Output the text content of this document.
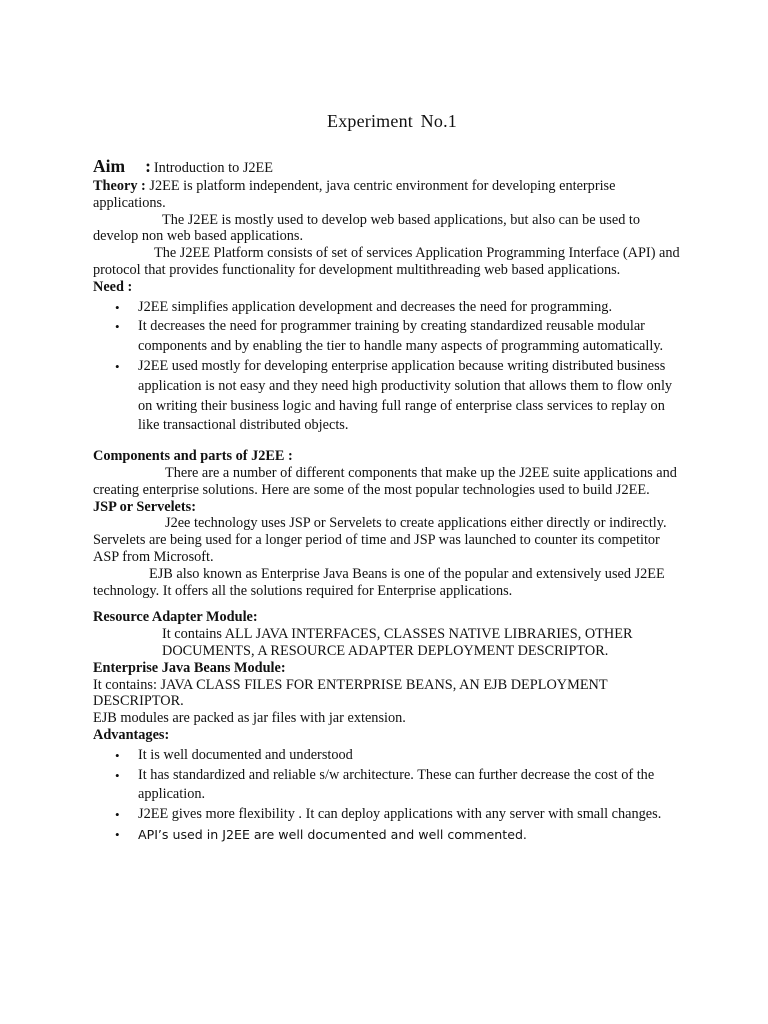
Experiment No.1

Aim : Introduction to J2EE

Theory : J2EE is platform independent, java centric environment for developing enterprise applications.

The J2EE is mostly used to develop web based applications, but also can be used to develop non web based applications.

The J2EE Platform consists of set of services Application Programming Interface (API) and protocol that provides functionality for development multithreading web based applications.

Need :

• J2EE simplifies application development and decreases the need for programming.
• It decreases the need for programmer training by creating standardized reusable modular components and by enabling the tier to handle many aspects of programming automatically.
• J2EE used mostly for developing enterprise application because writing distributed business application is not easy and they need high productivity solution that allows them to flow only on writing their business logic and having full range of enterprise class services to replay on like transactional distributed objects.

Components and parts of J2EE :

There are a number of different components that make up the J2EE suite applications and creating enterprise solutions. Here are some of the most popular technologies used to build J2EE.

JSP or Servelets:

J2ee technology uses JSP or Servelets to create applications either directly or indirectly. Servelets are being used for a longer period of time and JSP was launched to counter its competitor ASP from Microsoft.

EJB also known as Enterprise Java Beans is one of the popular and extensively used J2EE technology. It offers all the solutions required for Enterprise applications.

Resource Adapter Module:

It contains ALL JAVA INTERFACES, CLASSES NATIVE LIBRARIES, OTHER DOCUMENTS, A RESOURCE ADAPTER DEPLOYMENT DESCRIPTOR.

Enterprise Java Beans Module:

It contains: JAVA CLASS FILES FOR ENTERPRISE BEANS, AN EJB DEPLOYMENT DESCRIPTOR.

EJB modules are packed as jar files with jar extension.

Advantages:

• It is well documented and understood
• It has standardized and reliable s/w architecture. These can further decrease the cost of the application.
• J2EE gives more flexibility . It can deploy applications with any server with small changes.
• API’s used in J2EE are well documented and well commented.
